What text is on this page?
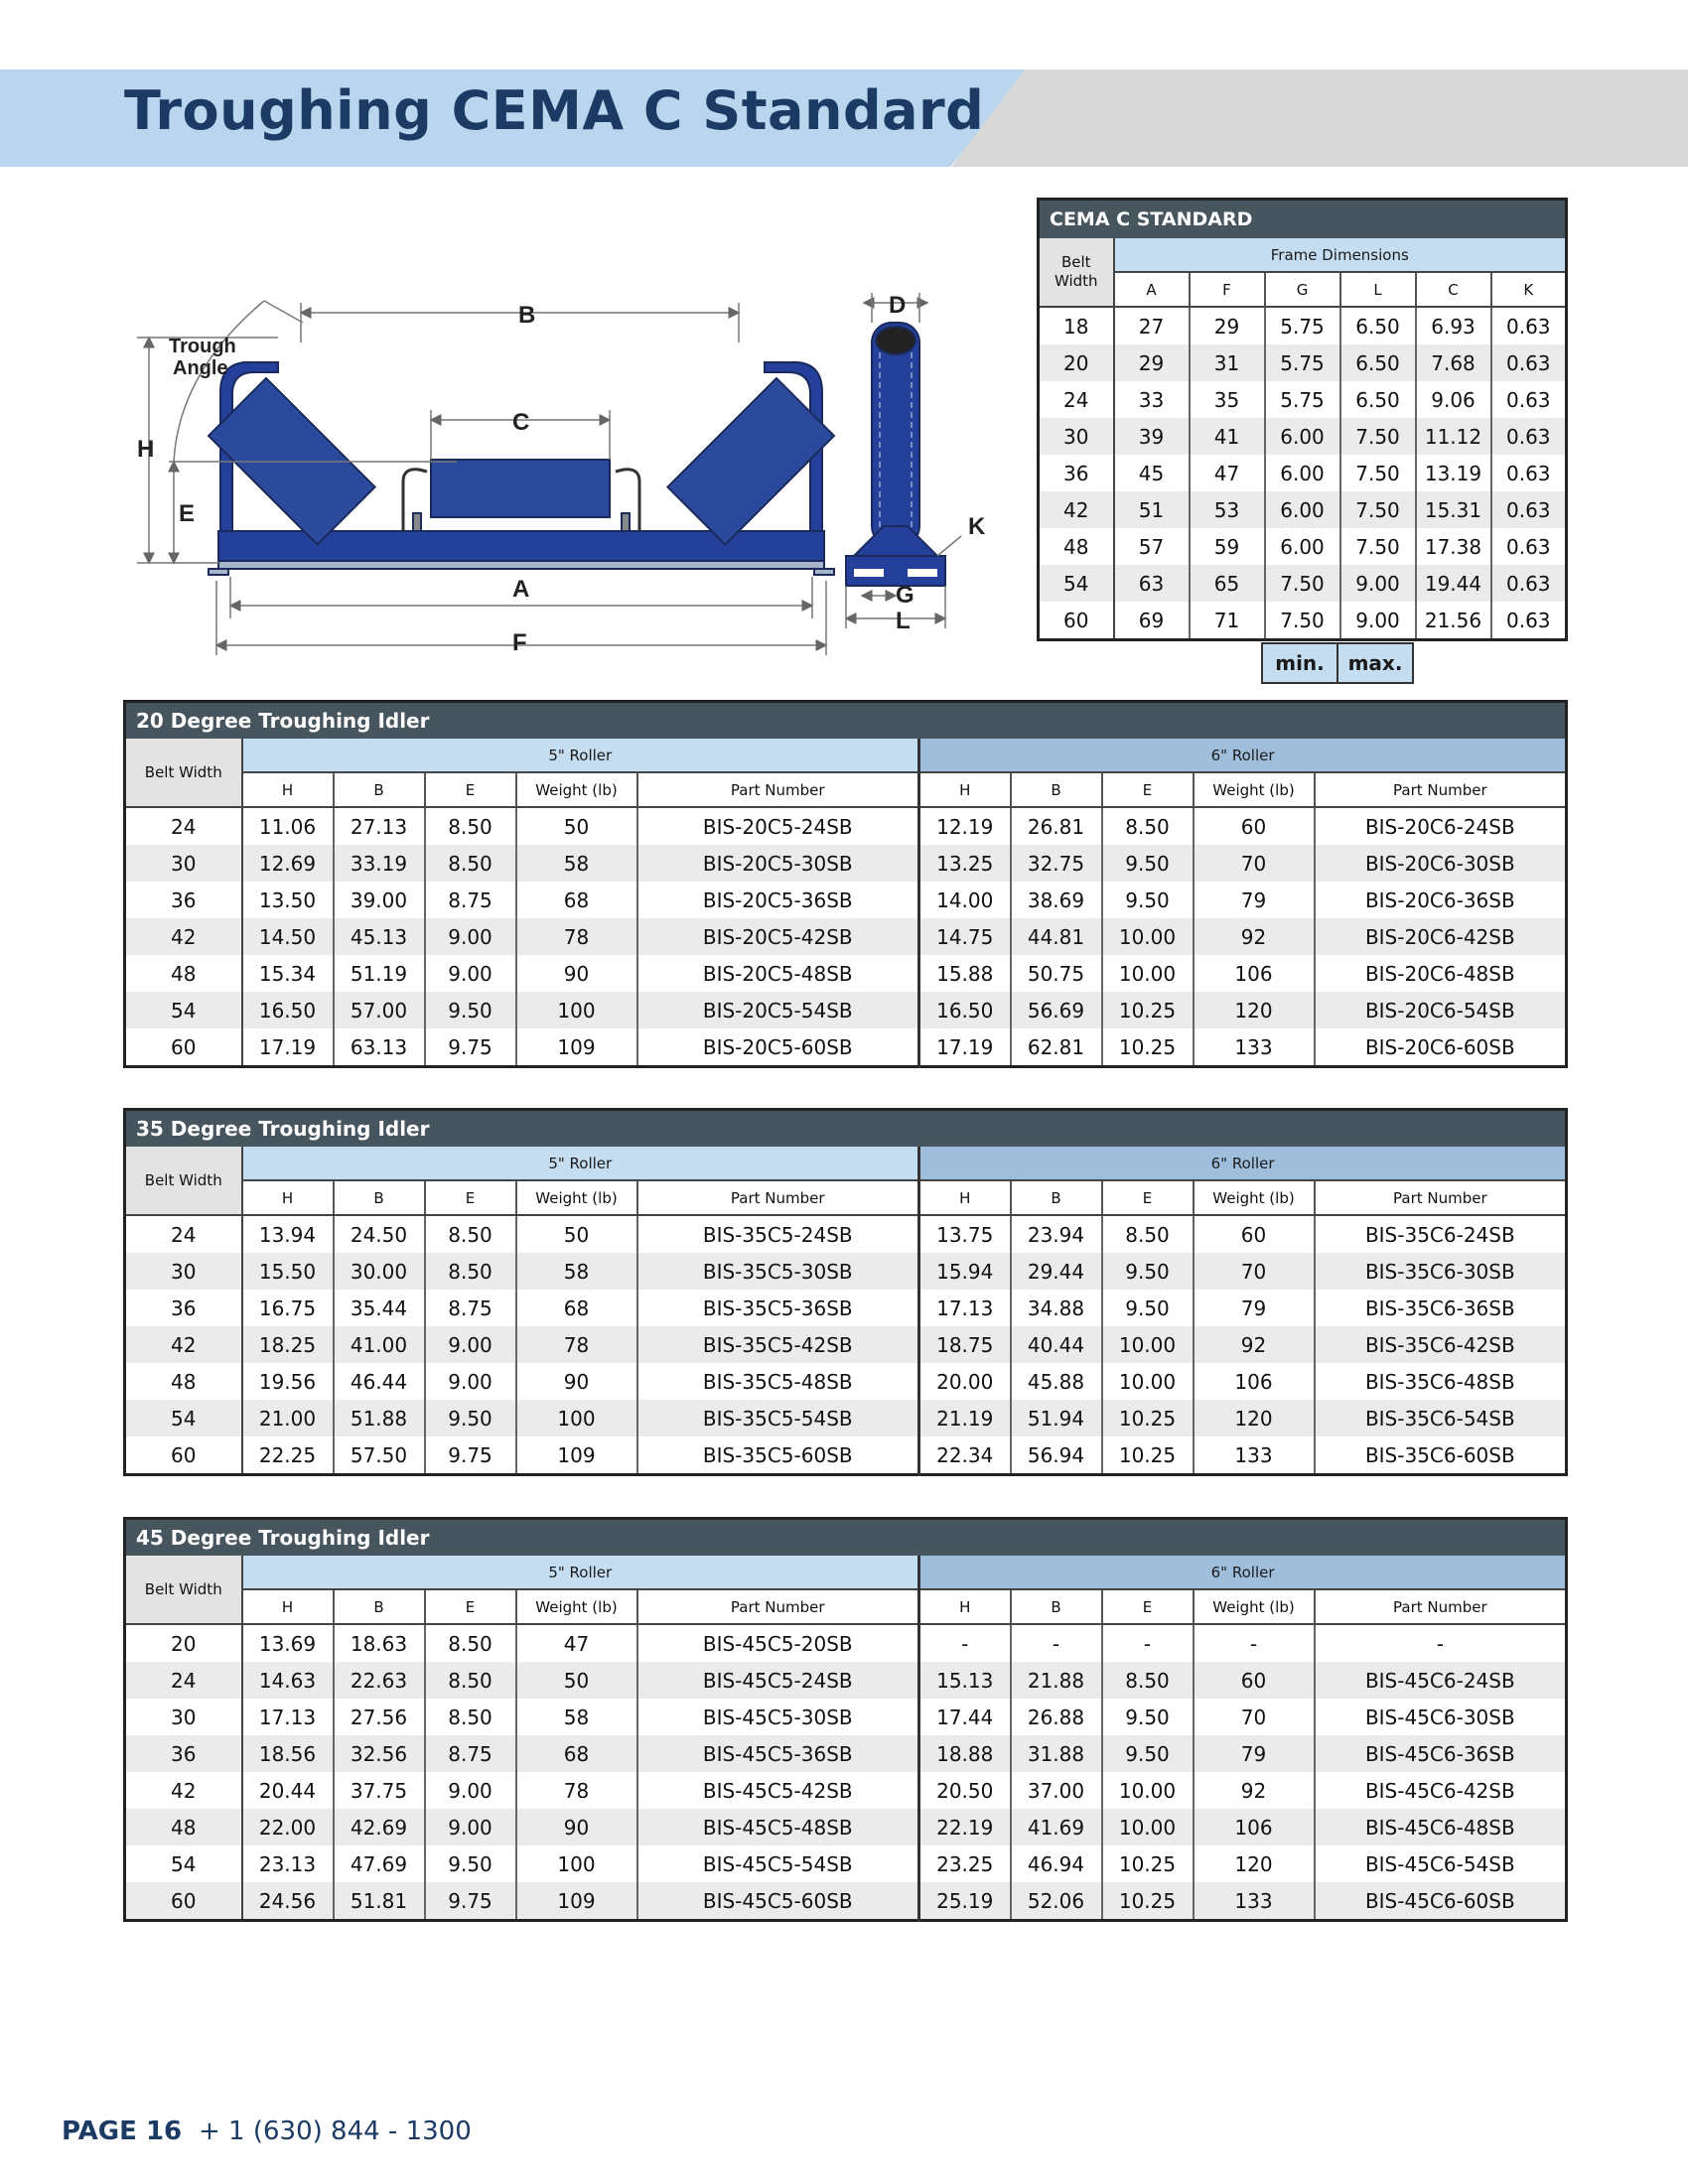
Troughing CEMA C Standard
B
C
A
F
H
E
Trough
Angle
D
G
L
K
CEMA C STANDARD						
Belt
Width	Frame Dimensions					
	A	F	G	L	C	K
18	27	29	5.75	6.50	6.93	0.63
20	29	31	5.75	6.50	7.68	0.63
24	33	35	5.75	6.50	9.06	0.63
30	39	41	6.00	7.50	11.12	0.63
36	45	47	6.00	7.50	13.19	0.63
42	51	53	6.00	7.50	15.31	0.63
48	57	59	6.00	7.50	17.38	0.63
54	63	65	7.50	9.00	19.44	0.63
60	69	71	7.50	9.00	21.56	0.63
min.	max.
20 Degree Troughing Idler										
Belt Width	5" Roller					6" Roller				
	H	B	E	Weight (lb)	Part Number	H	B	E	Weight (lb)	Part Number
24	11.06	27.13	8.50	50	BIS-20C5-24SB	12.19	26.81	8.50	60	BIS-20C6-24SB
30	12.69	33.19	8.50	58	BIS-20C5-30SB	13.25	32.75	9.50	70	BIS-20C6-30SB
36	13.50	39.00	8.75	68	BIS-20C5-36SB	14.00	38.69	9.50	79	BIS-20C6-36SB
42	14.50	45.13	9.00	78	BIS-20C5-42SB	14.75	44.81	10.00	92	BIS-20C6-42SB
48	15.34	51.19	9.00	90	BIS-20C5-48SB	15.88	50.75	10.00	106	BIS-20C6-48SB
54	16.50	57.00	9.50	100	BIS-20C5-54SB	16.50	56.69	10.25	120	BIS-20C6-54SB
60	17.19	63.13	9.75	109	BIS-20C5-60SB	17.19	62.81	10.25	133	BIS-20C6-60SB
35 Degree Troughing Idler										
Belt Width	5" Roller					6" Roller				
	H	B	E	Weight (lb)	Part Number	H	B	E	Weight (lb)	Part Number
24	13.94	24.50	8.50	50	BIS-35C5-24SB	13.75	23.94	8.50	60	BIS-35C6-24SB
30	15.50	30.00	8.50	58	BIS-35C5-30SB	15.94	29.44	9.50	70	BIS-35C6-30SB
36	16.75	35.44	8.75	68	BIS-35C5-36SB	17.13	34.88	9.50	79	BIS-35C6-36SB
42	18.25	41.00	9.00	78	BIS-35C5-42SB	18.75	40.44	10.00	92	BIS-35C6-42SB
48	19.56	46.44	9.00	90	BIS-35C5-48SB	20.00	45.88	10.00	106	BIS-35C6-48SB
54	21.00	51.88	9.50	100	BIS-35C5-54SB	21.19	51.94	10.25	120	BIS-35C6-54SB
60	22.25	57.50	9.75	109	BIS-35C5-60SB	22.34	56.94	10.25	133	BIS-35C6-60SB
45 Degree Troughing Idler										
Belt Width	5" Roller					6" Roller				
	H	B	E	Weight (lb)	Part Number	H	B	E	Weight (lb)	Part Number
20	13.69	18.63	8.50	47	BIS-45C5-20SB	-	-	-	-	-
24	14.63	22.63	8.50	50	BIS-45C5-24SB	15.13	21.88	8.50	60	BIS-45C6-24SB
30	17.13	27.56	8.50	58	BIS-45C5-30SB	17.44	26.88	9.50	70	BIS-45C6-30SB
36	18.56	32.56	8.75	68	BIS-45C5-36SB	18.88	31.88	9.50	79	BIS-45C6-36SB
42	20.44	37.75	9.00	78	BIS-45C5-42SB	20.50	37.00	10.00	92	BIS-45C6-42SB
48	22.00	42.69	9.00	90	BIS-45C5-48SB	22.19	41.69	10.00	106	BIS-45C6-48SB
54	23.13	47.69	9.50	100	BIS-45C5-54SB	23.25	46.94	10.25	120	BIS-45C6-54SB
60	24.56	51.81	9.75	109	BIS-45C5-60SB	25.19	52.06	10.25	133	BIS-45C6-60SB
PAGE 16 + 1 (630) 844 - 1300
